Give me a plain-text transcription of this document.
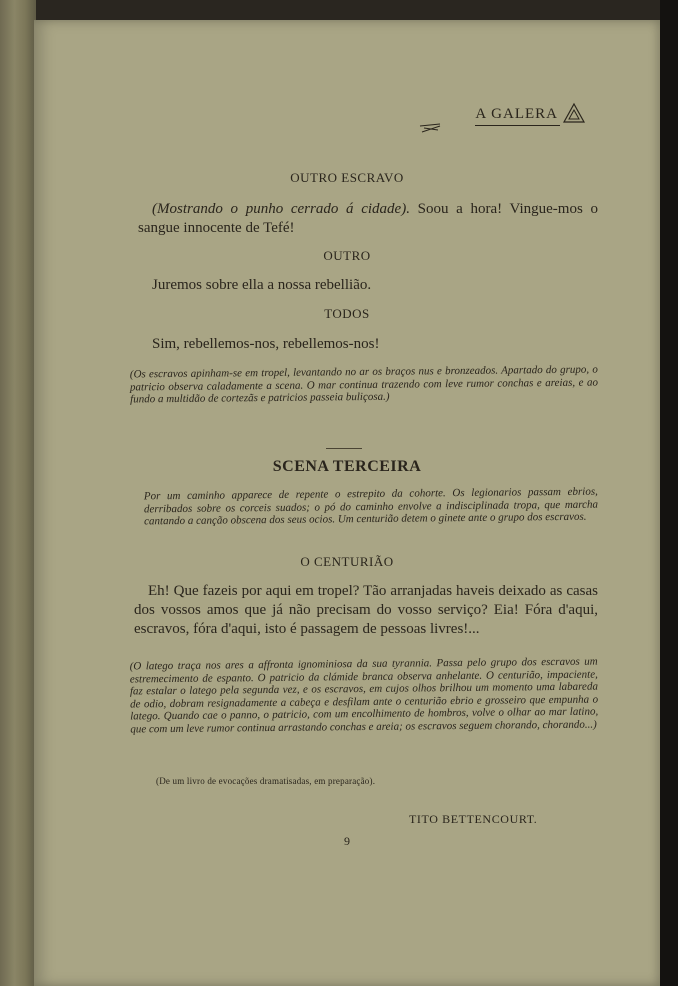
A GALERA
OUTRO ESCRAVO
(Mostrando o punho cerrado á cidade). Soou a hora! Vingue-mos o sangue innocente de Tefé!
OUTRO
Juremos sobre ella a nossa rebellião.
TODOS
Sim, rebellemos-nos, rebellemos-nos!
(Os escravos apinham-se em tropel, levantando no ar os braços nus e bronzeados. Apartado do grupo, o patricio observa caladamente a scena. O mar continua trazendo com leve rumor conchas e areias, e ao fundo a multidão de cortezãs e patricios passeia buliçosa.)
SCENA TERCEIRA
Por um caminho apparece de repente o estrepito da cohorte. Os legionarios passam ebrios, derribados sobre os corceis suados; o pó do caminho envolve a indisciplinada tropa, que marcha cantando a canção obscena dos seus ocios. Um centurião detem o ginete ante o grupo dos escravos.
O CENTURIÃO
Eh! Que fazeis por aqui em tropel? Tão arranjadas haveis deixado as casas dos vossos amos que já não precisam do vosso serviço? Eia! Fóra d'aqui, escravos, fóra d'aqui, isto é passagem de pessoas livres!...
(O latego traça nos ares a affronta ignominiosa da sua tyrannia. Passa pelo grupo dos escravos um estremecimento de espanto. O patricio da clámide branca observa anhelante. O centurião, impaciente, faz estalar o latego pela segunda vez, e os escravos, em cujos olhos brilhou um momento uma labareda de odio, dobram resignadamente a cabeça e desfilam ante o centurião ebrio e grosseiro que empunha o latego. Quando cae o panno, o patricio, com um encolhimento de hombros, volve o olhar ao mar latino, que com um leve rumor continua arrastando conchas e areia; os escravos seguem chorando, chorando...)
(De um livro de evocações dramatisadas, em preparação).
TITO BETTENCOURT.
9
